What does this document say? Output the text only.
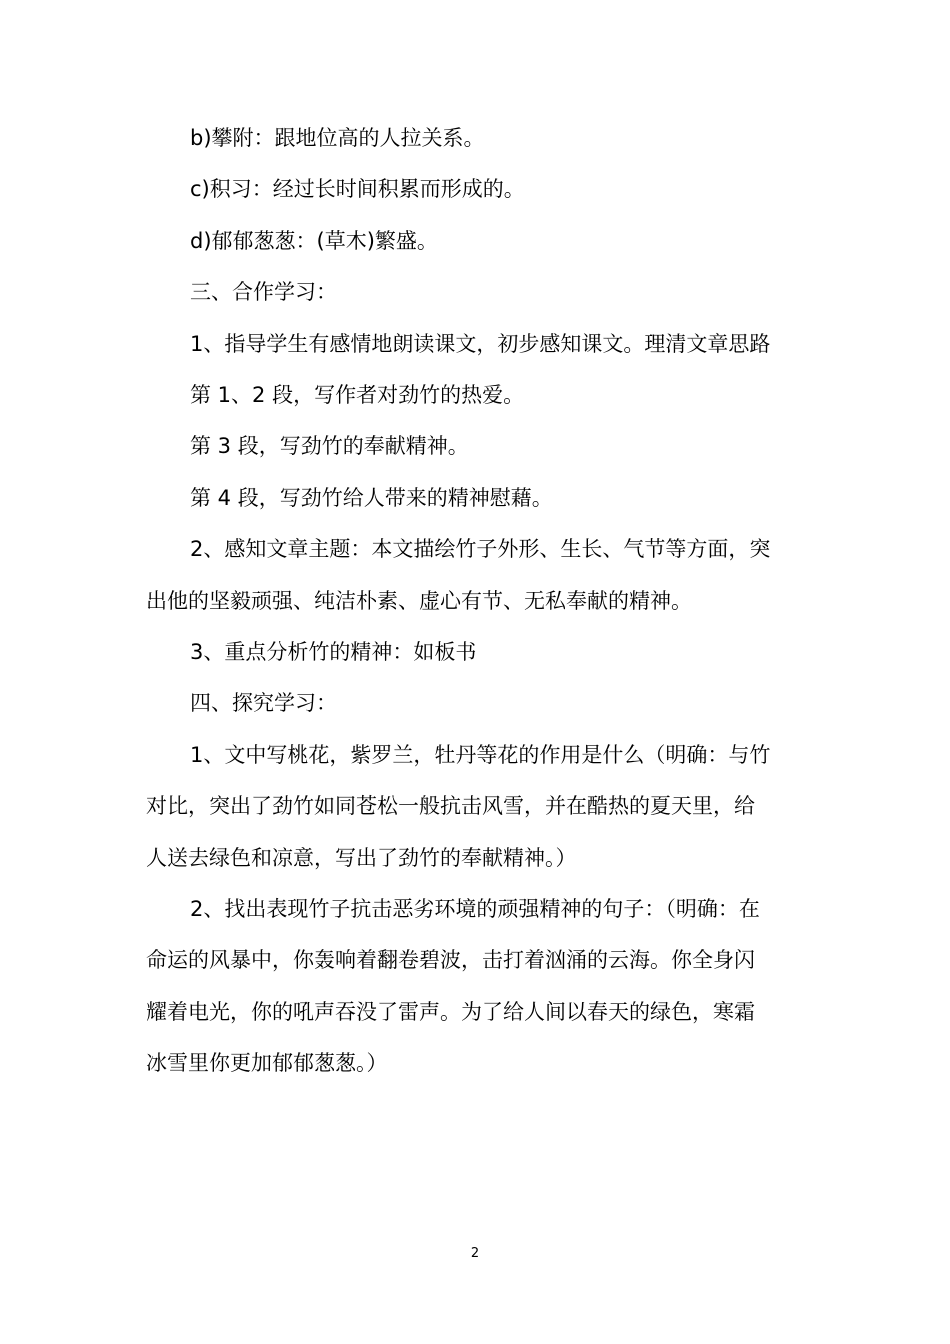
b)攀附：跟地位高的人拉关系。
c)积习：经过长时间积累而形成的。
d)郁郁葱葱：(草木)繁盛。
三、合作学习：
1、指导学生有感情地朗读课文，初步感知课文。理清文章思路
第 1、2 段，写作者对劲竹的热爱。
第 3 段，写劲竹的奉献精神。
第 4 段，写劲竹给人带来的精神慰藉。
2、感知文章主题：本文描绘竹子外形、生长、气节等方面，突
出他的坚毅顽强、纯洁朴素、虚心有节、无私奉献的精神。
3、重点分析竹的精神：如板书
四、探究学习：
1、文中写桃花，紫罗兰，牡丹等花的作用是什么（明确：与竹
对比，突出了劲竹如同苍松一般抗击风雪，并在酷热的夏天里，给
人送去绿色和凉意，写出了劲竹的奉献精神。）
2、找出表现竹子抗击恶劣环境的顽强精神的句子：（明确：在
命运的风暴中，你轰响着翻卷碧波，击打着汹涌的云海。你全身闪
耀着电光，你的吼声吞没了雷声。为了给人间以春天的绿色，寒霜
冰雪里你更加郁郁葱葱。）
2
